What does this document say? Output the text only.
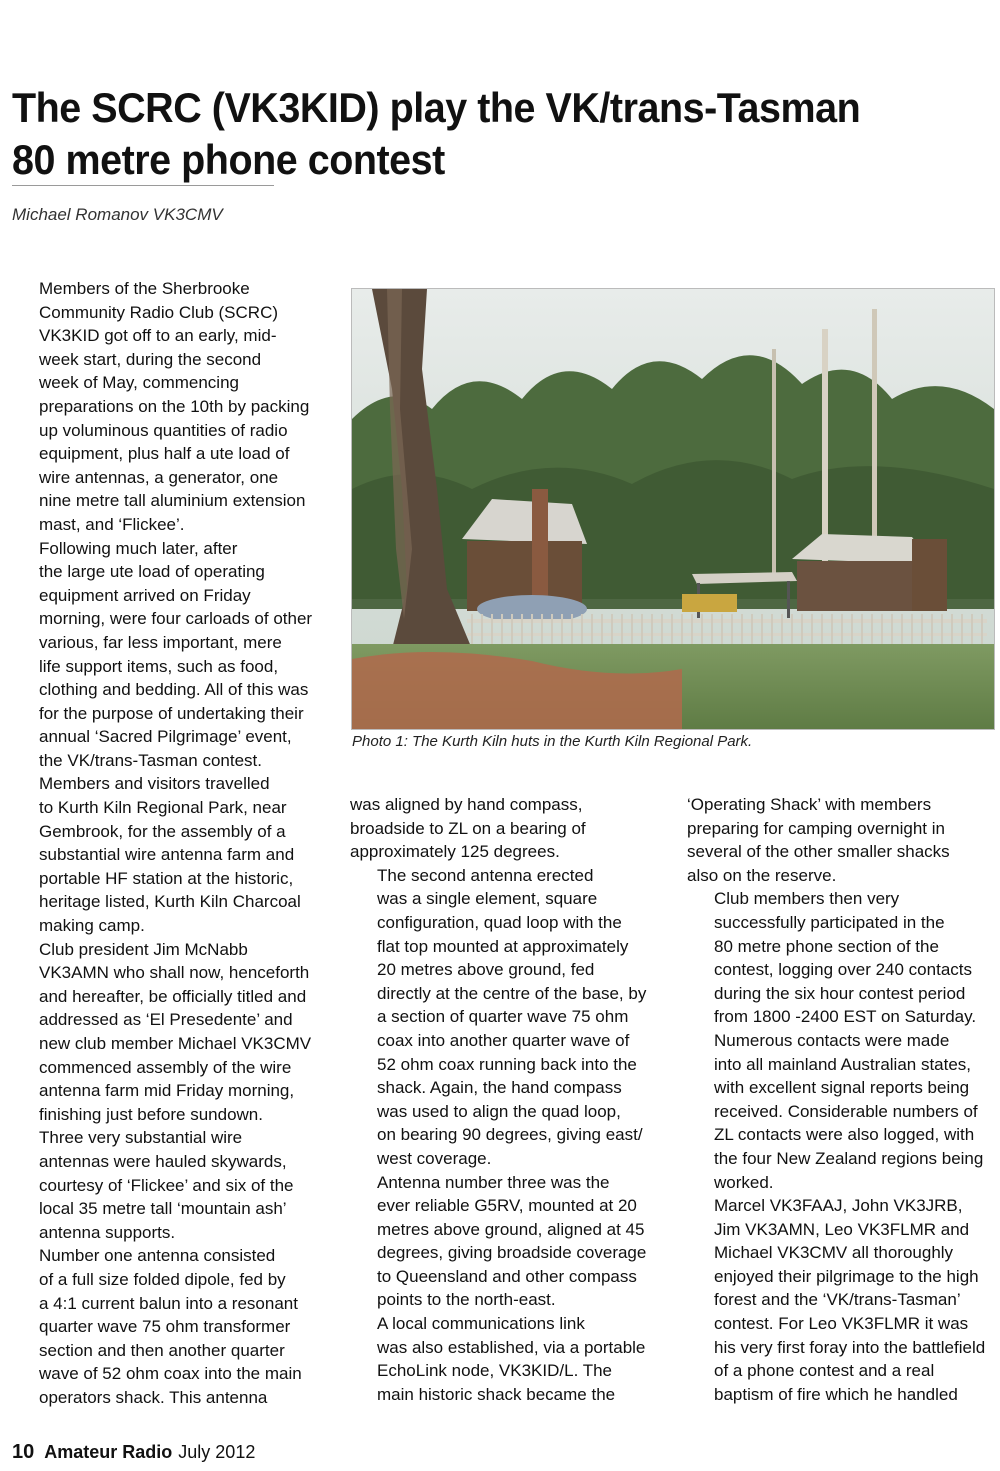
The SCRC (VK3KID) play the VK/trans-Tasman
80 metre phone contest
Michael Romanov VK3CMV

Members of the Sherbrooke
Community Radio Club (SCRC)
VK3KID got off to an early, mid-
week start, during the second
week of May, commencing
preparations on the 10th by packing
up voluminous quantities of radio
equipment, plus half a ute load of
wire antennas, a generator, one
nine metre tall aluminium extension
mast, and ‘Flickee’.

Following much later, after
the large ute load of operating
equipment arrived on Friday
morning, were four carloads of other
various, far less important, mere
life support items, such as food,
clothing and bedding. All of this was
for the purpose of undertaking their
annual ‘Sacred Pilgrimage’ event,
the VK/trans-Tasman contest.

Members and visitors travelled
to Kurth Kiln Regional Park, near
Gembrook, for the assembly of a
substantial wire antenna farm and
portable HF station at the historic,
heritage listed, Kurth Kiln Charcoal
making camp.

Club president Jim McNabb
VK3AMN who shall now, henceforth
and hereafter, be officially titled and
addressed as ‘El Presedente’ and
new club member Michael VK3CMV
commenced assembly of the wire
antenna farm mid Friday morning,
finishing just before sundown.

Three very substantial wire
antennas were hauled skywards,
courtesy of ‘Flickee’ and six of the
local 35 metre tall ‘mountain ash’
antenna supports.

Number one antenna consisted
of a full size folded dipole, fed by
a 4:1 current balun into a resonant
quarter wave 75 ohm transformer
section and then another quarter
wave of 52 ohm coax into the main
operators shack. This antenna

Photo 1: The Kurth Kiln huts in the Kurth Kiln Regional Park.

was aligned by hand compass,
broadside to ZL on a bearing of
approximately 125 degrees.

The second antenna erected
was a single element, square
configuration, quad loop with the
flat top mounted at approximately
20 metres above ground, fed
directly at the centre of the base, by
a section of quarter wave 75 ohm
coax into another quarter wave of
52 ohm coax running back into the
shack. Again, the hand compass
was used to align the quad loop,
on bearing 90 degrees, giving east/
west coverage.

Antenna number three was the
ever reliable G5RV, mounted at 20
metres above ground, aligned at 45
degrees, giving broadside coverage
to Queensland and other compass
points to the north-east.

A local communications link
was also established, via a portable
EchoLink node, VK3KID/L. The
main historic shack became the

‘Operating Shack’ with members
preparing for camping overnight in
several of the other smaller shacks
also on the reserve.

Club members then very
successfully participated in the
80 metre phone section of the
contest, logging over 240 contacts
during the six hour contest period
from 1800 -2400 EST on Saturday.
Numerous contacts were made
into all mainland Australian states,
with excellent signal reports being
received. Considerable numbers of
ZL contacts were also logged, with
the four New Zealand regions being
worked.

Marcel VK3FAAJ, John VK3JRB,
Jim VK3AMN, Leo VK3FLMR and
Michael VK3CMV all thoroughly
enjoyed their pilgrimage to the high
forest and the ‘VK/trans-Tasman’
contest. For Leo VK3FLMR it was
his very first foray into the battlefield
of a phone contest and a real
baptism of fire which he handled

10 Amateur Radio July 2012
